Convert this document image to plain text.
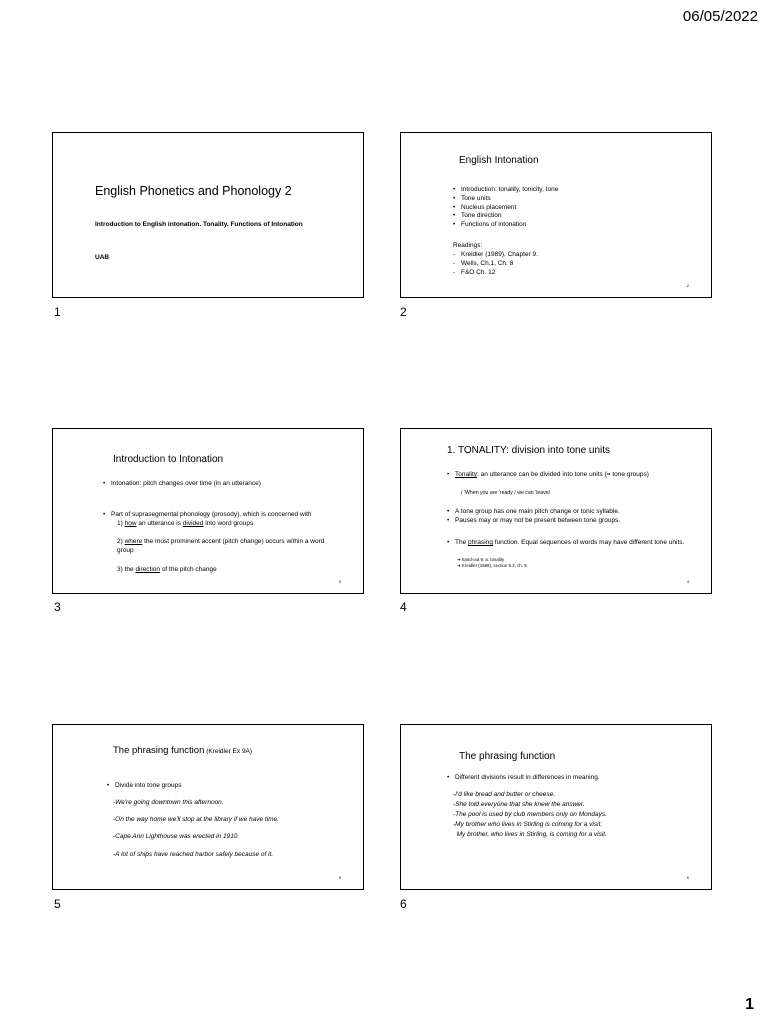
06/05/2022
English Phonetics and Phonology 2
Introduction to English intonation. Tonality. Functions of Intonation
UAB
1
English Intonation
• Introduction: tonality, tonicity, tone
• Tone units
• Nucleus placement
• Tone direction
• Functions of intonation
Readings:
- Kreidler (1989), Chapter 9.
- Wells, Ch.1, Ch. 8
- F&O Ch. 12
2
2
Introduction to Intonation
• Intonation: pitch changes over time (in an utterance)
• Part of suprasegmental phonology (prosody), which is concerned with
1) how an utterance is divided into word groups
2) where the most prominent accent (pitch change) occurs within a word group
3) the direction of the pitch change
3
3
1. TONALITY: division into tone units
• Tonality: an utterance can be divided into tone units (= tone groups)
/ ‘When you are ‘ready / we can ‘leave/
• A tone group has one main pitch change or tonic syllable.
• Pauses may or may not be present between tone groups.
• The phrasing function. Equal sequences of words may have different tone units.
➔ hand-out 9: a. tonality
➔ Kreidler (1989), section 9.2, ch. 9
4
4
The phrasing function (Kreidler Ex 9A)
• Divide into tone groups
-We're going downtown this afternoon.
-On the way home we'll stop at the library if we have time.
-Cape Ann Lighthouse was erected in 1910.
-A lot of ships have reached harbor safely because of it.
5
5
The phrasing function
• Different divisions result in differences in meaning.
-I'd like bread and butter or cheese.
-She told everyone that she knew the answer.
-The pool is used by club members only on Mondays.
-My brother who lives in Stirling is coming for a visit.
My brother, who lives in Stirling, is coming for a visit.
6
6
1
